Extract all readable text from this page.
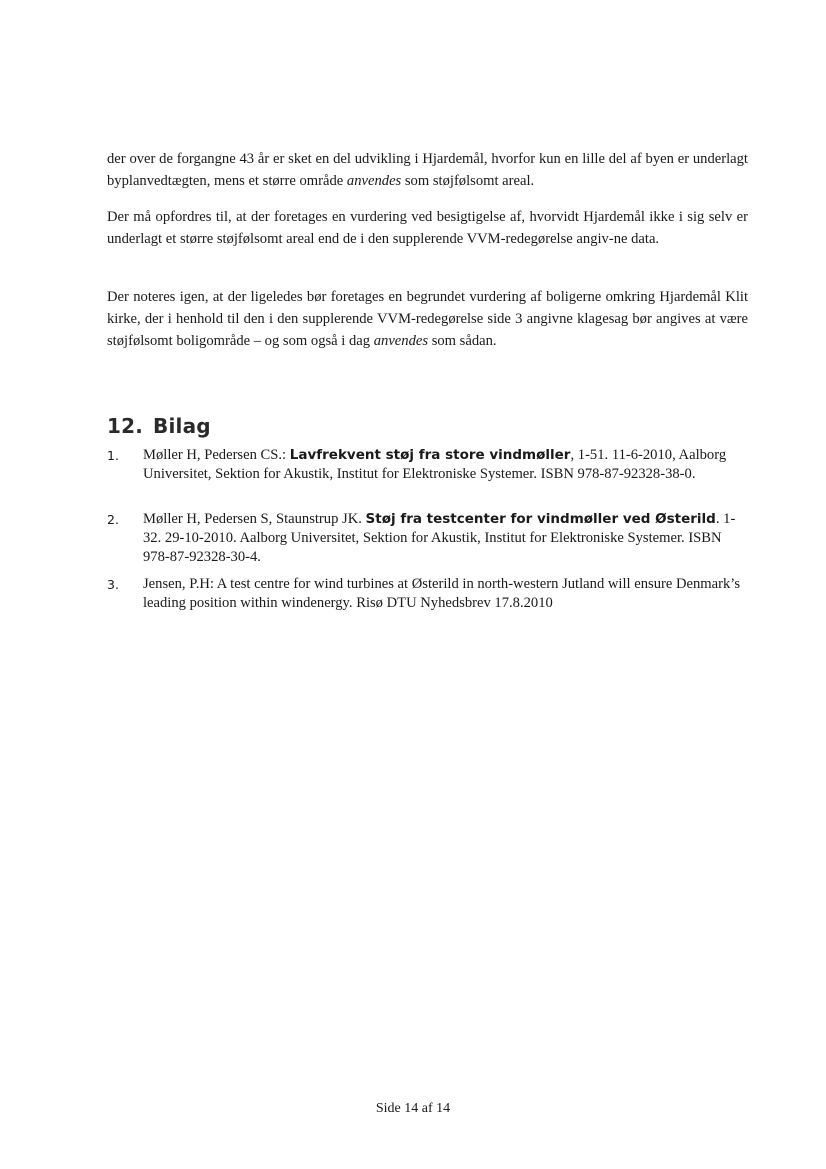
der over de forgangne 43 år er sket en del udvikling i Hjardemål, hvorfor kun en lille del af byen er underlagt byplanvedtægten, mens et større område anvendes som støjfølsomt areal.

Der må opfordres til, at der foretages en vurdering ved besigtigelse af, hvorvidt Hjardemål ikke i sig selv er underlagt et større støjfølsomt areal end de i den supplerende VVM-redegørelse angiv-ne data.

Der noteres igen, at der ligeledes bør foretages en begrundet vurdering af boligerne omkring Hjardemål Klit kirke, der i henhold til den i den supplerende VVM-redegørelse side 3 angivne klagesag bør angives at være støjfølsomt boligområde – og som også i dag anvendes som sådan.

12. Bilag
1. Møller H, Pedersen CS.: Lavfrekvent støj fra store vindmøller, 1-51. 11-6-2010, Aalborg Universitet, Sektion for Akustik, Institut for Elektroniske Systemer. ISBN 978-87-92328-38-0.
2. Møller H, Pedersen S, Staunstrup JK. Støj fra testcenter for vindmøller ved Østerild. 1-32. 29-10-2010. Aalborg Universitet, Sektion for Akustik, Institut for Elektroniske Systemer. ISBN 978-87-92328-30-4.
3. Jensen, P.H: A test centre for wind turbines at Østerild in north-western Jutland will ensure Denmark’s leading position within windenergy. Risø DTU Nyhedsbrev 17.8.2010
Side 14 af 14
